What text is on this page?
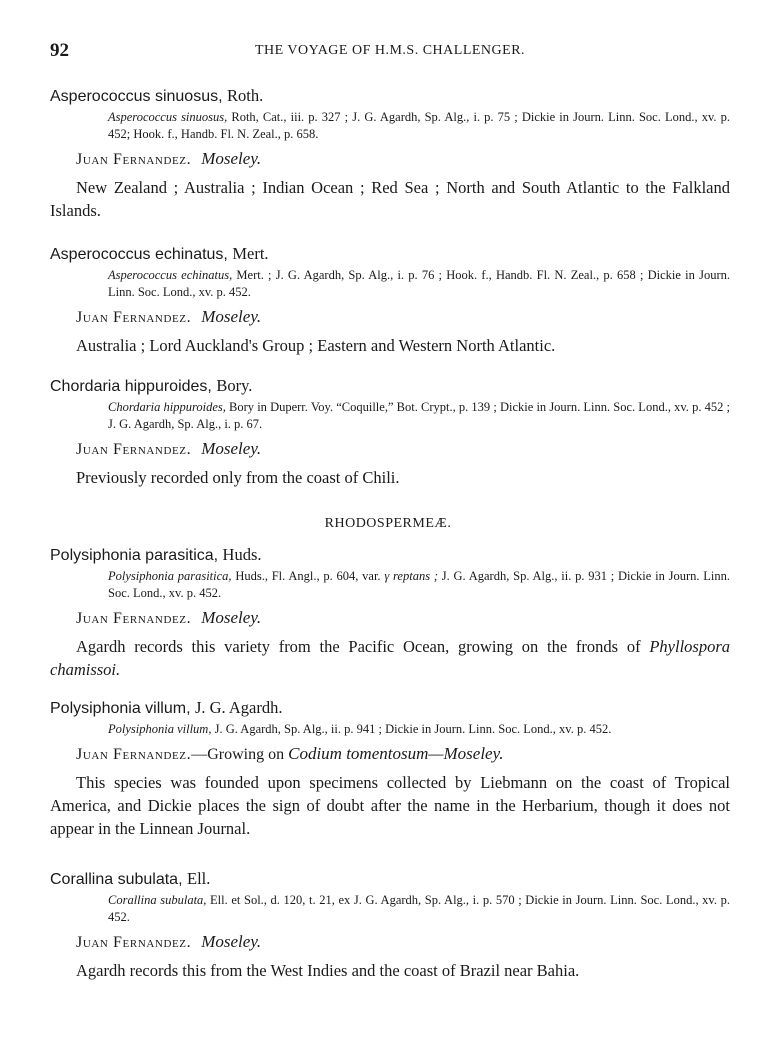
92	THE VOYAGE OF H.M.S. CHALLENGER.
Asperococcus sinuosus, Roth.
Asperococcus sinuosus, Roth, Cat., iii. p. 327 ; J. G. Agardh, Sp. Alg., i. p. 75 ; Dickie in Journ. Linn. Soc. Lond., xv. p. 452; Hook. f., Handb. Fl. N. Zeal., p. 658.
Juan Fernandez. Moseley.
New Zealand ; Australia ; Indian Ocean ; Red Sea ; North and South Atlantic to the Falkland Islands.
Asperococcus echinatus, Mert.
Asperococcus echinatus, Mert. ; J. G. Agardh, Sp. Alg., i. p. 76 ; Hook. f., Handb. Fl. N. Zeal., p. 658 ; Dickie in Journ. Linn. Soc. Lond., xv. p. 452.
Juan Fernandez. Moseley.
Australia ; Lord Auckland's Group ; Eastern and Western North Atlantic.
Chordaria hippuroides, Bory.
Chordaria hippuroides, Bory in Duperr. Voy. “Coquille,” Bot. Crypt., p. 139 ; Dickie in Journ. Linn. Soc. Lond., xv. p. 452 ; J. G. Agardh, Sp. Alg., i. p. 67.
Juan Fernandez. Moseley.
Previously recorded only from the coast of Chili.
RHODOSPERMEÆ.
Polysiphonia parasitica, Huds.
Polysiphonia parasitica, Huds., Fl. Angl., p. 604, var. γ reptans ; J. G. Agardh, Sp. Alg., ii. p. 931 ; Dickie in Journ. Linn. Soc. Lond., xv. p. 452.
Juan Fernandez. Moseley.
Agardh records this variety from the Pacific Ocean, growing on the fronds of Phyllospora chamissoi.
Polysiphonia villum, J. G. Agardh.
Polysiphonia villum, J. G. Agardh, Sp. Alg., ii. p. 941 ; Dickie in Journ. Linn. Soc. Lond., xv. p. 452.
Juan Fernandez.—Growing on Codium tomentosum—Moseley.
This species was founded upon specimens collected by Liebmann on the coast of Tropical America, and Dickie places the sign of doubt after the name in the Herbarium, though it does not appear in the Linnean Journal.
Corallina subulata, Ell.
Corallina subulata, Ell. et Sol., d. 120, t. 21, ex J. G. Agardh, Sp. Alg., i. p. 570 ; Dickie in Journ. Linn. Soc. Lond., xv. p. 452.
Juan Fernandez. Moseley.
Agardh records this from the West Indies and the coast of Brazil near Bahia.
